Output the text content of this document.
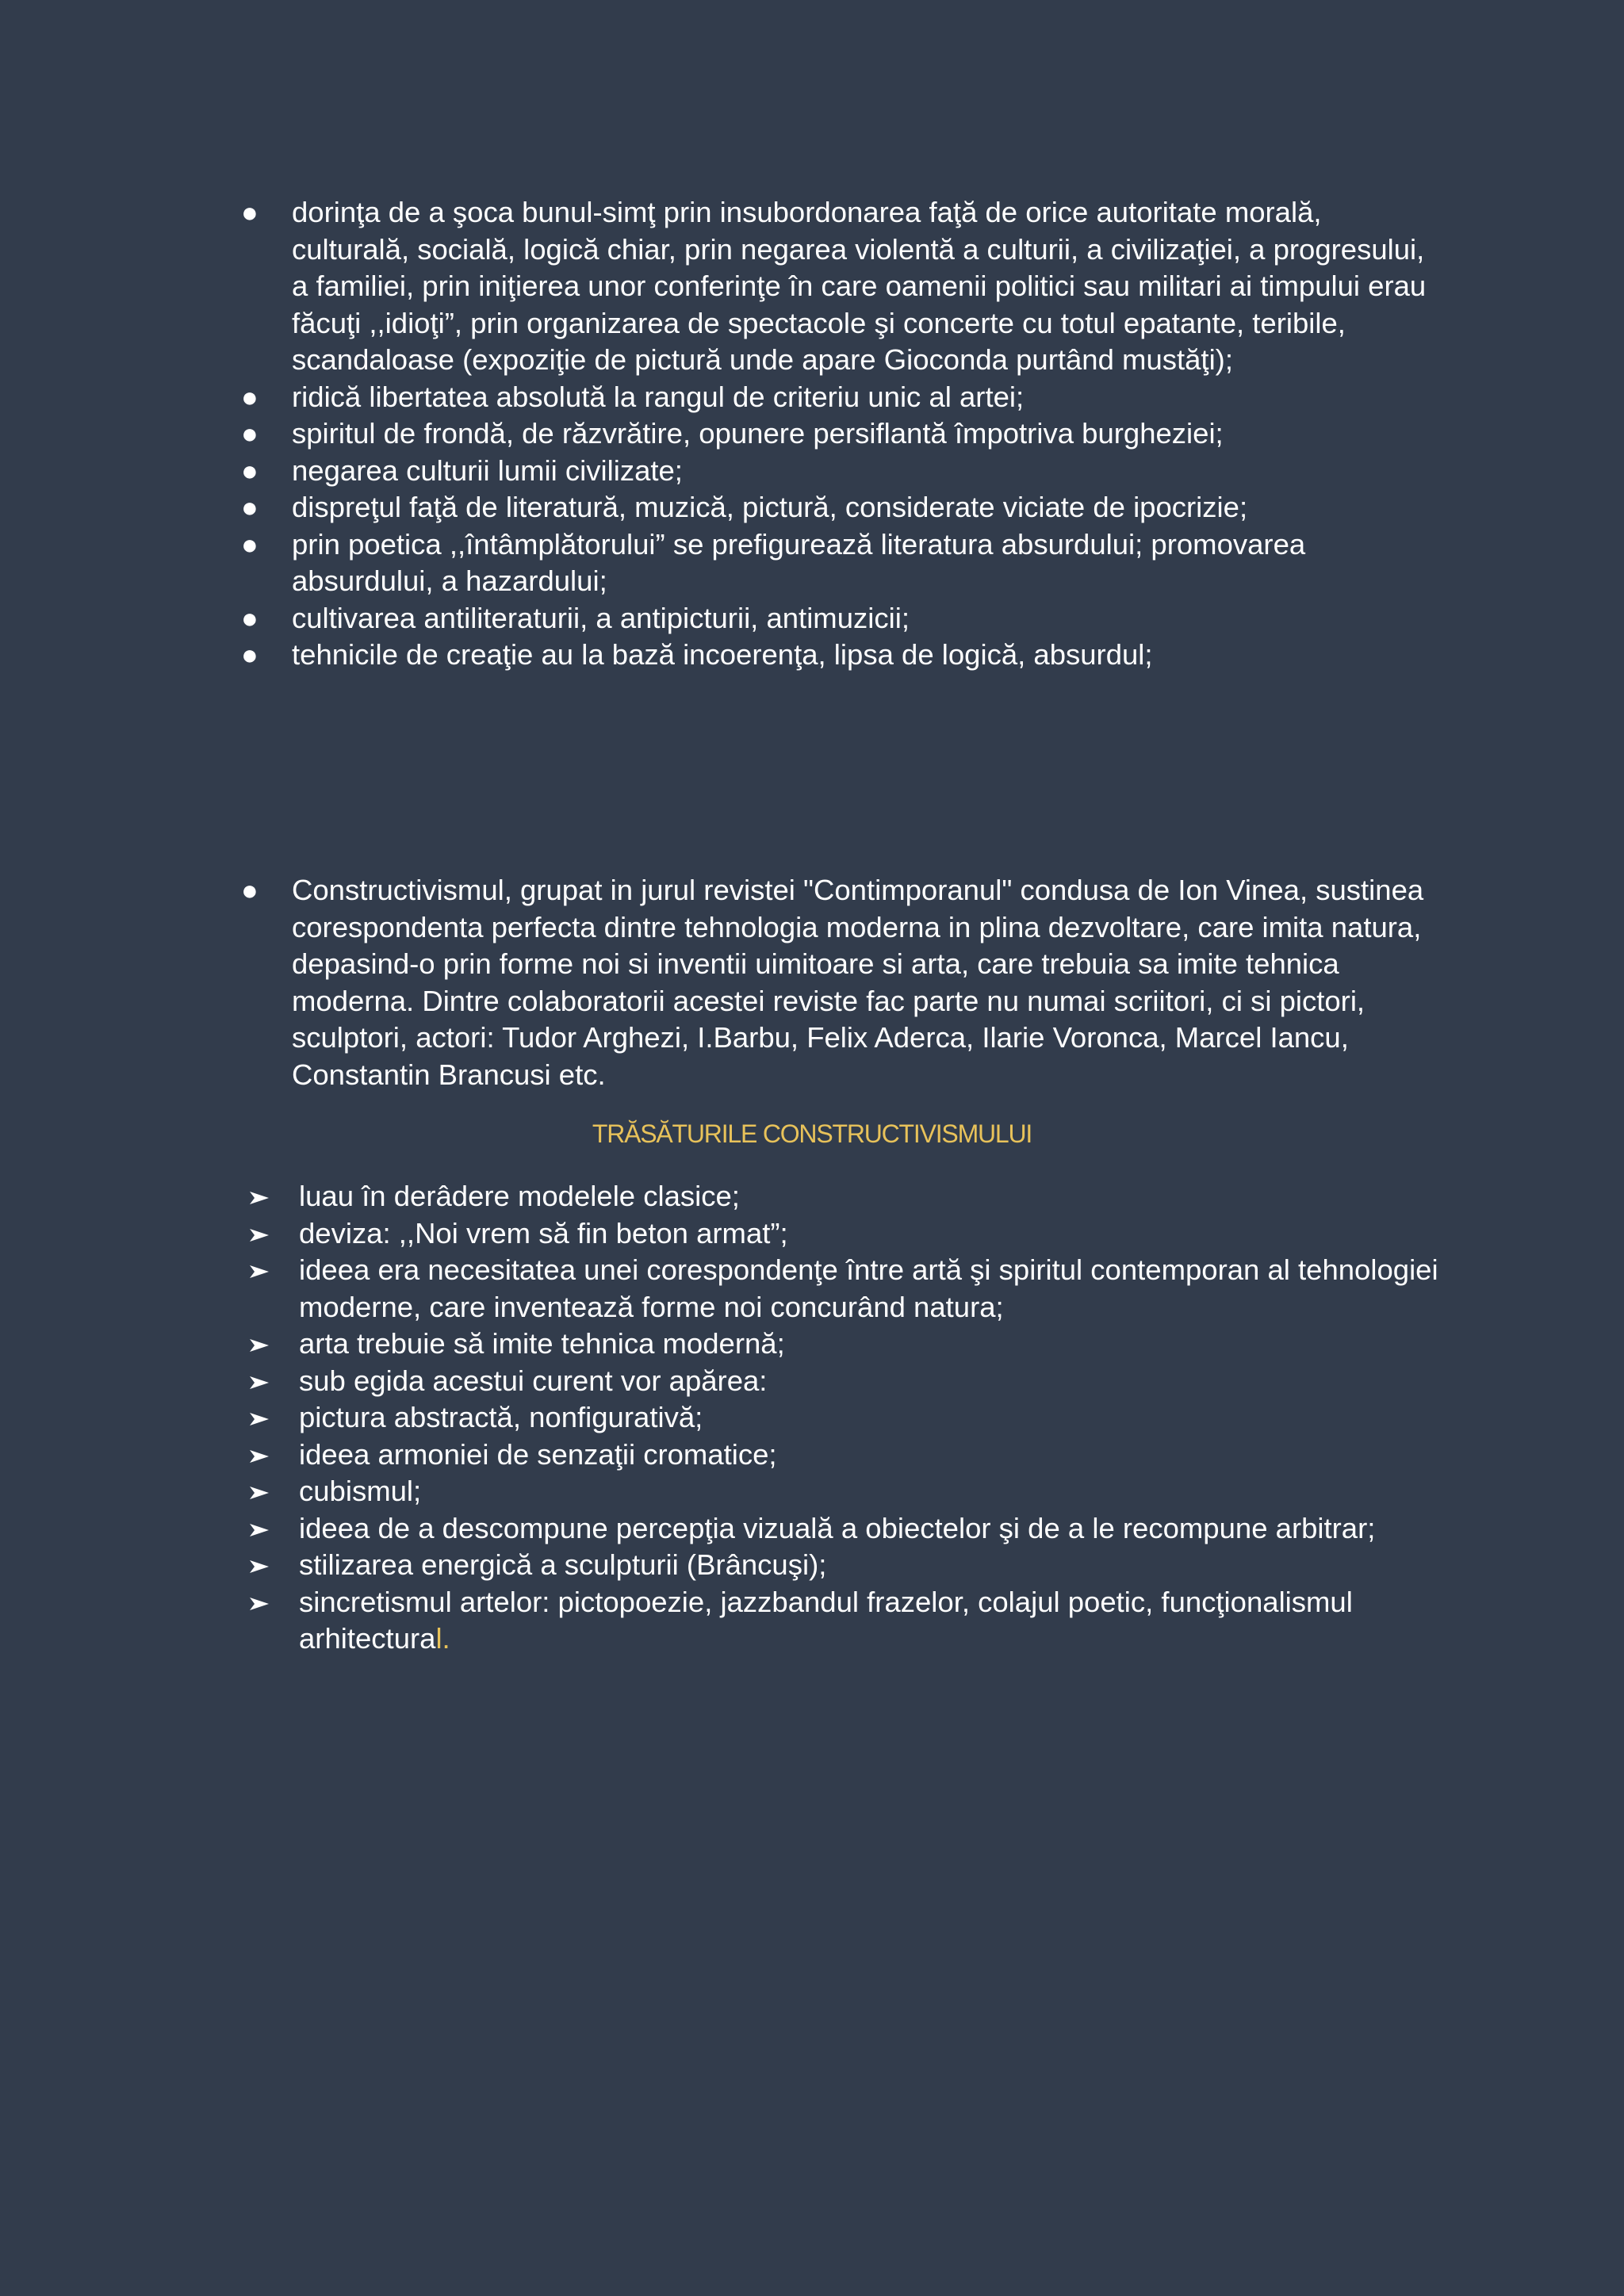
● dorinţa de a şoca bunul-simţ prin insubordonarea faţă de orice autoritate morală, culturală, socială, logică chiar, prin negarea violentă a culturii, a civilizaţiei, a progresului, a familiei, prin iniţierea unor conferinţe în care oamenii politici sau militari ai timpului erau făcuţi ,,idioţi”, prin organizarea de spectacole şi concerte cu totul epatante, teribile, scandaloase (expoziţie de pictură unde apare Gioconda purtând mustăţi);
● ridică libertatea absolută la rangul de criteriu unic al artei;
● spiritul de frondă, de răzvrătire, opunere persiflantă împotriva burgheziei;
● negarea culturii lumii civilizate;
● dispreţul faţă de literatură, muzică, pictură, considerate viciate de ipocrizie;
● prin poetica ,,întâmplătorului” se prefigurează literatura absurdului; promovarea absurdului, a hazardului;
● cultivarea antiliteraturii, a antipicturii, antimuzicii;
● tehnicile de creaţie au la bază incoerenţa, lipsa de logică, absurdul;
● Constructivismul, grupat in jurul revistei "Contimporanul" condusa de Ion Vinea, sustinea corespondenta perfecta dintre tehnologia moderna in plina dezvoltare, care imita natura, depasind-o prin forme noi si inventii uimitoare si arta, care trebuia sa imite tehnica moderna. Dintre colaboratorii acestei reviste fac parte nu numai scriitori, ci si pictori, sculptori, actori: Tudor Arghezi, I.Barbu, Felix Aderca, Ilarie Voronca, Marcel Iancu, Constantin Brancusi etc.
TRĂSĂTURILE CONSTRUCTIVISMULUI
luau în derâdere modelele clasice;
deviza: ,,Noi vrem să fin beton armat”;
ideea era necesitatea unei corespondenţe între artă şi spiritul contemporan al tehnologiei moderne, care inventează forme noi concurând natura;
arta trebuie să imite tehnica modernă;
sub egida acestui curent vor apărea:
pictura abstractă, nonfigurativă;
ideea armoniei de senzaţii cromatice;
cubismul;
ideea de a descompune percepţia vizuală a obiectelor şi de a le recompune arbitrar;
stilizarea energică a sculpturii (Brâncuşi);
sincretismul artelor: pictopoezie, jazzbandul frazelor, colajul poetic, funcţionalismul
arhitectural.
